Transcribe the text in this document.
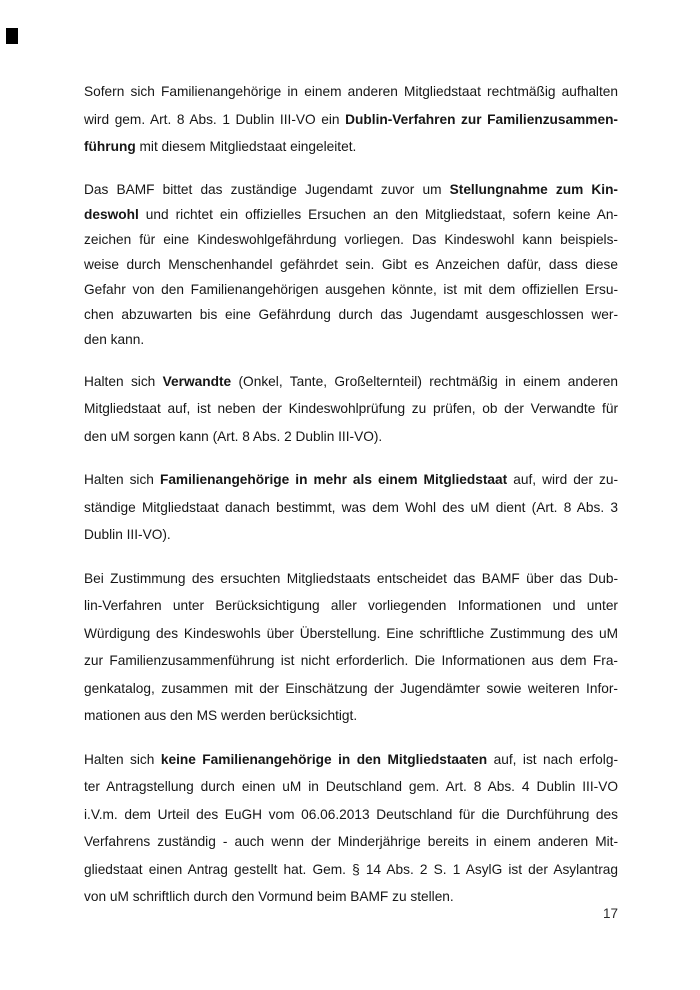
Sofern sich Familienangehörige in einem anderen Mitgliedstaat rechtmäßig aufhalten
wird gem. Art. 8 Abs. 1 Dublin III-VO ein Dublin-Verfahren zur Familienzusammen-
führung mit diesem Mitgliedstaat eingeleitet.
Das BAMF bittet das zuständige Jugendamt zuvor um Stellungnahme zum Kin-
deswohl und richtet ein offizielles Ersuchen an den Mitgliedstaat, sofern keine An-
zeichen für eine Kindeswohlgefährdung vorliegen. Das Kindeswohl kann beispiels-
weise durch Menschenhandel gefährdet sein. Gibt es Anzeichen dafür, dass diese
Gefahr von den Familienangehörigen ausgehen könnte, ist mit dem offiziellen Ersu-
chen abzuwarten bis eine Gefährdung durch das Jugendamt ausgeschlossen wer-
den kann.
Halten sich Verwandte (Onkel, Tante, Großelternteil) rechtmäßig in einem anderen
Mitgliedstaat auf, ist neben der Kindeswohlprüfung zu prüfen, ob der Verwandte für
den uM sorgen kann (Art. 8 Abs. 2 Dublin III-VO).
Halten sich Familienangehörige in mehr als einem Mitgliedstaat auf, wird der zu-
ständige Mitgliedstaat danach bestimmt, was dem Wohl des uM dient (Art. 8 Abs. 3
Dublin III-VO).
Bei Zustimmung des ersuchten Mitgliedstaats entscheidet das BAMF über das Dub-
lin-Verfahren unter Berücksichtigung aller vorliegenden Informationen und unter
Würdigung des Kindeswohls über Überstellung. Eine schriftliche Zustimmung des uM
zur Familienzusammenführung ist nicht erforderlich. Die Informationen aus dem Fra-
genkatalog, zusammen mit der Einschätzung der Jugendämter sowie weiteren Infor-
mationen aus den MS werden berücksichtigt.
Halten sich keine Familienangehörige in den Mitgliedstaaten auf, ist nach erfolg-
ter Antragstellung durch einen uM in Deutschland gem. Art. 8 Abs. 4 Dublin III-VO
i.V.m. dem Urteil des EuGH vom 06.06.2013 Deutschland für die Durchführung des
Verfahrens zuständig - auch wenn der Minderjährige bereits in einem anderen Mit-
gliedstaat einen Antrag gestellt hat. Gem. § 14 Abs. 2 S. 1 AsylG ist der Asylantrag
von uM schriftlich durch den Vormund beim BAMF zu stellen.
17
